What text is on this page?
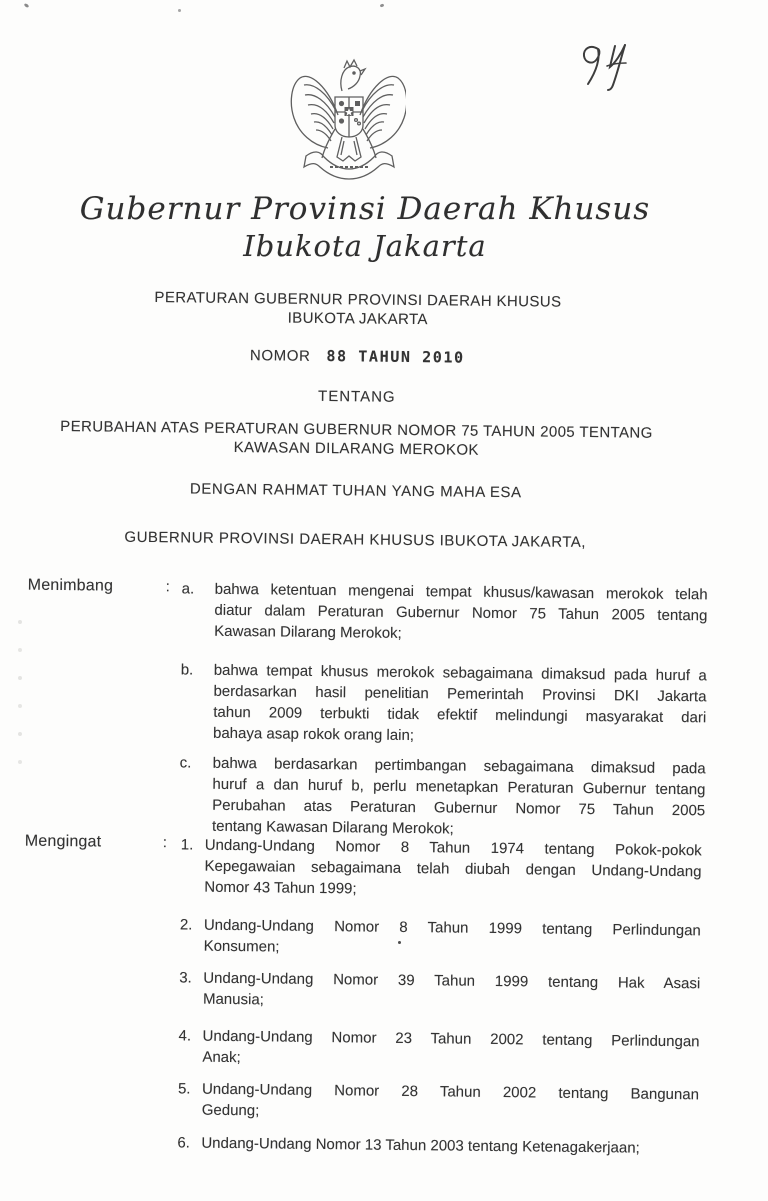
Gubernur Provinsi Daerah Khusus
Ibukota Jakarta
PERATURAN GUBERNUR PROVINSI DAERAH KHUSUS
IBUKOTA JAKARTA
NOMOR 88 TAHUN 2010
TENTANG
PERUBAHAN ATAS PERATURAN GUBERNUR NOMOR 75 TAHUN 2005 TENTANG
KAWASAN DILARANG MEROKOK
DENGAN RAHMAT TUHAN YANG MAHA ESA
GUBERNUR PROVINSI DAERAH KHUSUS IBUKOTA JAKARTA,
Menimbang	: a. bahwa ketentuan mengenai tempat khusus/kawasan merokok telah
diatur dalam Peraturan Gubernur Nomor 75 Tahun 2005 tentang
Kawasan Dilarang Merokok;
b. bahwa tempat khusus merokok sebagaimana dimaksud pada huruf a
berdasarkan hasil penelitian Pemerintah Provinsi DKI Jakarta
tahun 2009 terbukti tidak efektif melindungi masyarakat dari
bahaya asap rokok orang lain;
c. bahwa berdasarkan pertimbangan sebagaimana dimaksud pada
huruf a dan huruf b, perlu menetapkan Peraturan Gubernur tentang
Perubahan atas Peraturan Gubernur Nomor 75 Tahun 2005
tentang Kawasan Dilarang Merokok;
Mengingat	: 1. Undang-Undang Nomor 8 Tahun 1974 tentang Pokok-pokok
Kepegawaian sebagaimana telah diubah dengan Undang-Undang
Nomor 43 Tahun 1999;
2. Undang-Undang Nomor 8 Tahun 1999 tentang Perlindungan
Konsumen;
3. Undang-Undang Nomor 39 Tahun 1999 tentang Hak Asasi
Manusia;
4. Undang-Undang Nomor 23 Tahun 2002 tentang Perlindungan
Anak;
5. Undang-Undang Nomor 28 Tahun 2002 tentang Bangunan
Gedung;
6. Undang-Undang Nomor 13 Tahun 2003 tentang Ketenagakerjaan;
